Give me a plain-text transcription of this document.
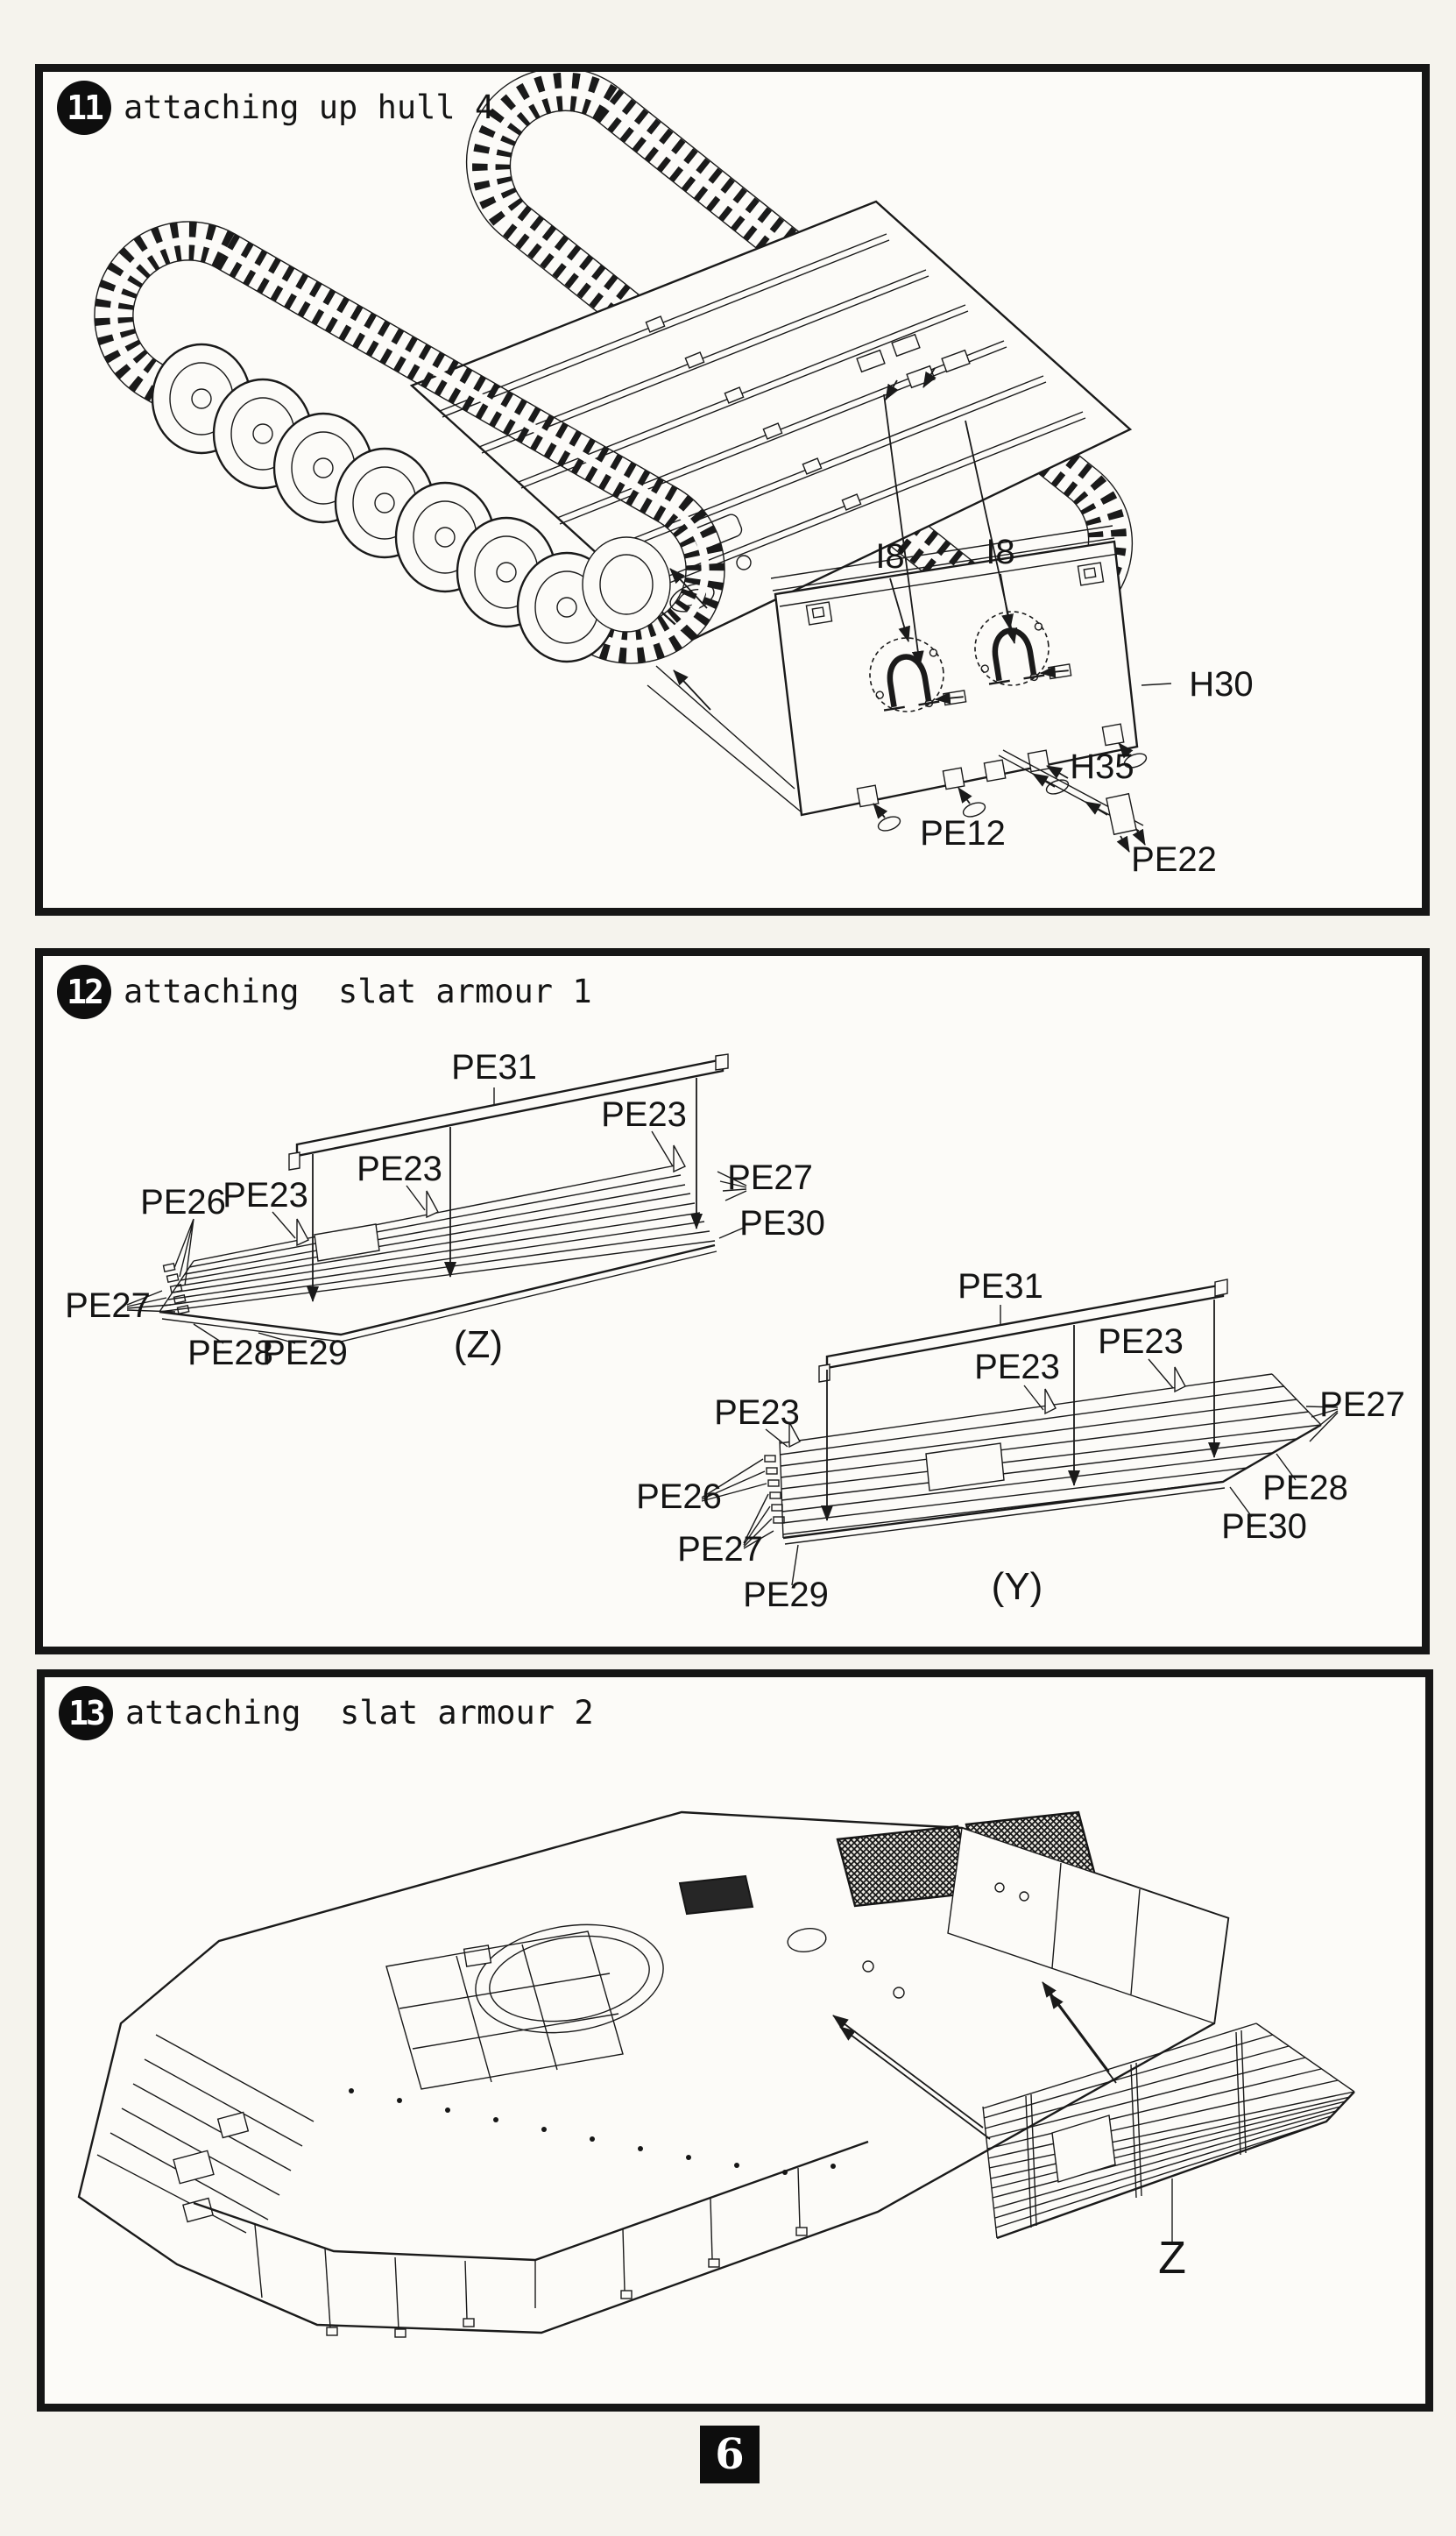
11 attaching up hull 4
I8 I8
H30
H35
PE12
PE22
12 attaching  slat armour 1
PE31
PE23
PE23
PE23
PE26
PE27
PE28
PE29
PE27
PE30
(Z)
PE31
PE23
PE23
PE23
PE26
PE27
PE29
PE27
PE28
PE30
(Y)
13 attaching  slat armour 2
Z
6
